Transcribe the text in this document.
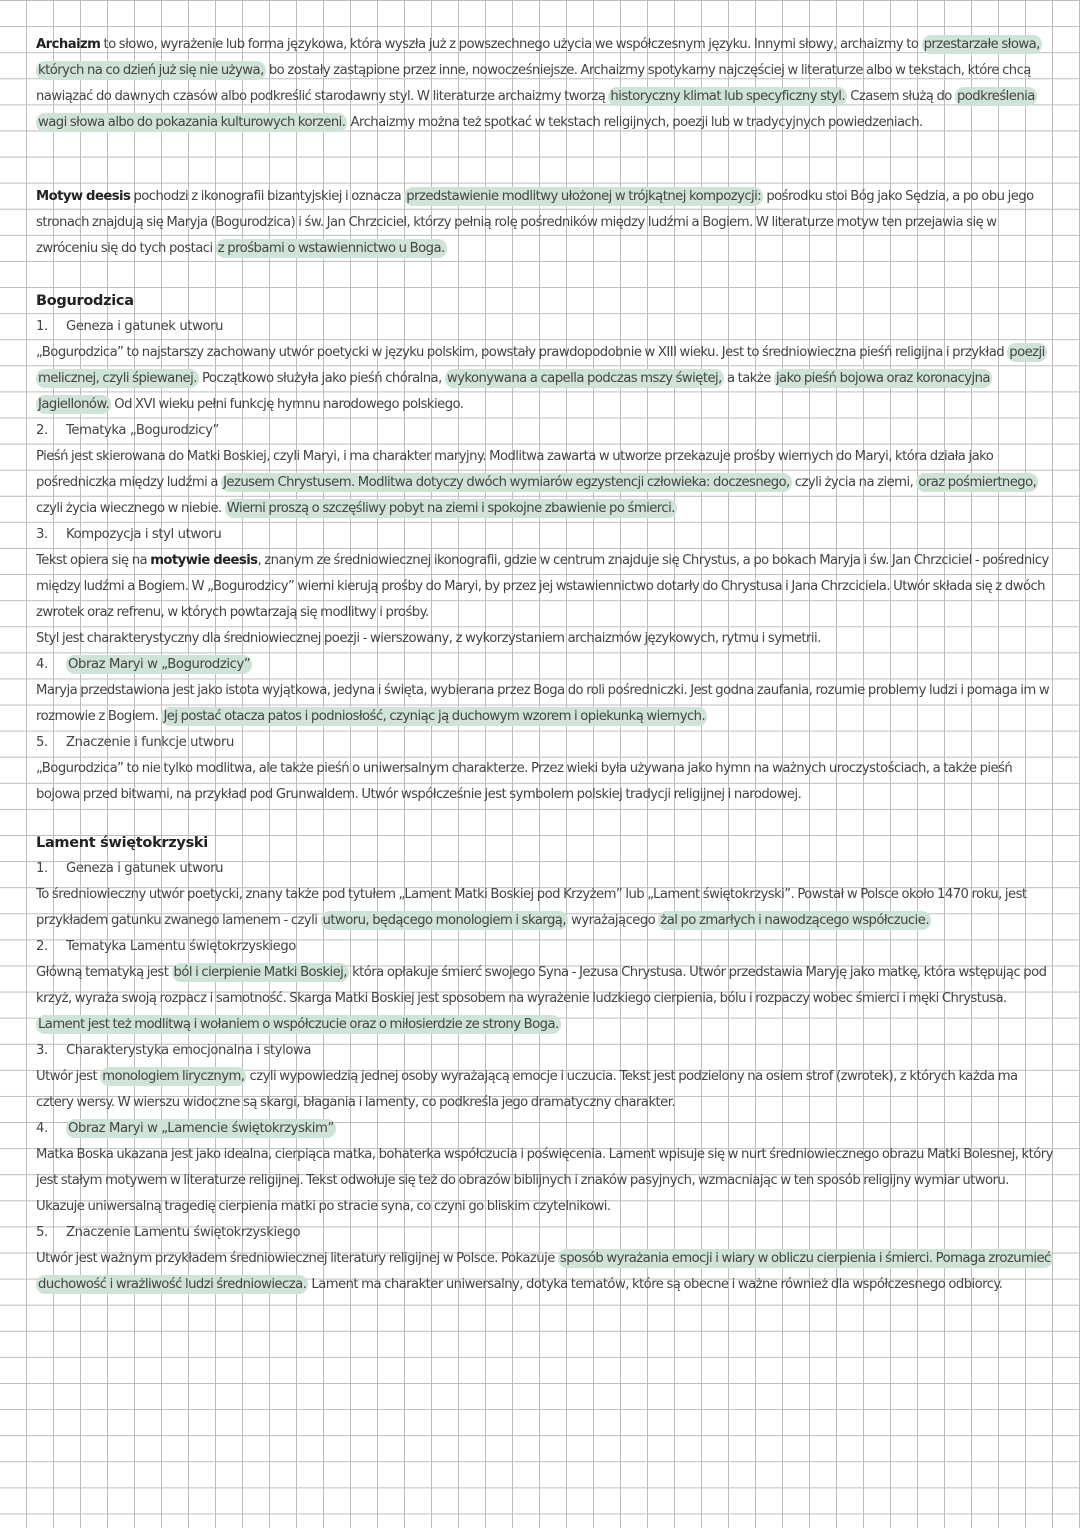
Archaizm to słowo, wyrażenie lub forma językowa, która wyszła już z powszechnego użycia we współczesnym języku. Innymi słowy, archaizmy to przestarzałe słowa, których na co dzień już się nie używa, bo zostały zastąpione przez inne, nowocześniejsze. Archaizmy spotykamy najczęściej w literaturze albo w tekstach, które chcą nawiązać do dawnych czasów albo podkreślić starodawny styl. W literaturze archaizmy tworzą historyczny klimat lub specyficzny styl. Czasem służą do podkreślenia wagi słowa albo do pokazania kulturowych korzeni. Archaizmy można też spotkać w tekstach religijnych, poezji lub w tradycyjnych powiedzeniach.

Motyw deesis pochodzi z ikonografii bizantyjskiej i oznacza przedstawienie modlitwy ułożonej w trójkątnej kompozycji: pośrodku stoi Bóg jako Sędzia, a po obu jego stronach znajdują się Maryja (Bogurodzica) i św. Jan Chrzciciel, którzy pełnią rolę pośredników między ludźmi a Bogiem. W literaturze motyw ten przejawia się w zwróceniu się do tych postaci z prośbami o wstawiennictwo u Boga.

Bogurodzica

1. Geneza i gatunek utworu

„Bogurodzica” to najstarszy zachowany utwór poetycki w języku polskim, powstały prawdopodobnie w XIII wieku. Jest to średniowieczna pieśń religijna i przykład poezji melicznej, czyli śpiewanej. Początkowo służyła jako pieśń chóralna, wykonywana a capella podczas mszy świętej, a także jako pieśń bojowa oraz koronacyjna Jagiellonów. Od XVI wieku pełni funkcję hymnu narodowego polskiego.

2. Tematyka „Bogurodzicy”

Pieśń jest skierowana do Matki Boskiej, czyli Maryi, i ma charakter maryjny. Modlitwa zawarta w utworze przekazuje prośby wiernych do Maryi, która działa jako pośredniczka między ludźmi a Jezusem Chrystusem. Modlitwa dotyczy dwóch wymiarów egzystencji człowieka: doczesnego, czyli życia na ziemi, oraz pośmiertnego, czyli życia wiecznego w niebie. Wierni proszą o szczęśliwy pobyt na ziemi i spokojne zbawienie po śmierci.

3. Kompozycja i styl utworu

Tekst opiera się na motywie deesis, znanym ze średniowiecznej ikonografii, gdzie w centrum znajduje się Chrystus, a po bokach Maryja i św. Jan Chrzciciel - pośrednicy między ludźmi a Bogiem. W „Bogurodzicy” wierni kierują prośby do Maryi, by przez jej wstawiennictwo dotarły do Chrystusa i Jana Chrzciciela. Utwór składa się z dwóch zwrotek oraz refrenu, w których powtarzają się modlitwy i prośby.

Styl jest charakterystyczny dla średniowiecznej poezji - wierszowany, z wykorzystaniem archaizmów językowych, rytmu i symetrii.

4. Obraz Maryi w „Bogurodzicy”

Maryja przedstawiona jest jako istota wyjątkowa, jedyna i święta, wybierana przez Boga do roli pośredniczki. Jest godna zaufania, rozumie problemy ludzi i pomaga im w rozmowie z Bogiem. Jej postać otacza patos i podniosłość, czyniąc ją duchowym wzorem i opiekunką wiernych.

5. Znaczenie i funkcje utworu

„Bogurodzica” to nie tylko modlitwa, ale także pieśń o uniwersalnym charakterze. Przez wieki była używana jako hymn na ważnych uroczystościach, a także pieśń bojowa przed bitwami, na przykład pod Grunwaldem. Utwór współcześnie jest symbolem polskiej tradycji religijnej i narodowej.

Lament świętokrzyski

1. Geneza i gatunek utworu

To średniowieczny utwór poetycki, znany także pod tytułem „Lament Matki Boskiej pod Krzyżem” lub „Lament świętokrzyski”. Powstał w Polsce około 1470 roku, jest przykładem gatunku zwanego lamenem - czyli utworu, będącego monologiem i skargą, wyrażającego żal po zmarłych i nawodzącego współczucie.

2. Tematyka Lamentu świętokrzyskiego

Główną tematyką jest ból i cierpienie Matki Boskiej, która opłakuje śmierć swojego Syna - Jezusa Chrystusa. Utwór przedstawia Maryję jako matkę, która wstępując pod krzyż, wyraża swoją rozpacz i samotność. Skarga Matki Boskiej jest sposobem na wyrażenie ludzkiego cierpienia, bólu i rozpaczy wobec śmierci i męki Chrystusa. Lament jest też modlitwą i wołaniem o współczucie oraz o miłosierdzie ze strony Boga.

3. Charakterystyka emocjonalna i stylowa

Utwór jest monologiem lirycznym, czyli wypowiedzią jednej osoby wyrażającą emocje i uczucia. Tekst jest podzielony na osiem strof (zwrotek), z których każda ma cztery wersy. W wierszu widoczne są skargi, błagania i lamenty, co podkreśla jego dramatyczny charakter.

4. Obraz Maryi w „Lamencie świętokrzyskim”

Matka Boska ukazana jest jako idealna, cierpiąca matka, bohaterka współczucia i poświęcenia. Lament wpisuje się w nurt średniowiecznego obrazu Matki Bolesnej, który jest stałym motywem w literaturze religijnej. Tekst odwołuje się też do obrazów biblijnych i znaków pasyjnych, wzmacniając w ten sposób religijny wymiar utworu. Ukazuje uniwersalną tragedię cierpienia matki po stracie syna, co czyni go bliskim czytelnikowi.

5. Znaczenie Lamentu świętokrzyskiego

Utwór jest ważnym przykładem średniowiecznej literatury religijnej w Polsce. Pokazuje sposób wyrażania emocji i wiary w obliczu cierpienia i śmierci. Pomaga zrozumieć duchowość i wrażliwość ludzi średniowiecza. Lament ma charakter uniwersalny, dotyka tematów, które są obecne i ważne również dla współczesnego odbiorcy.
